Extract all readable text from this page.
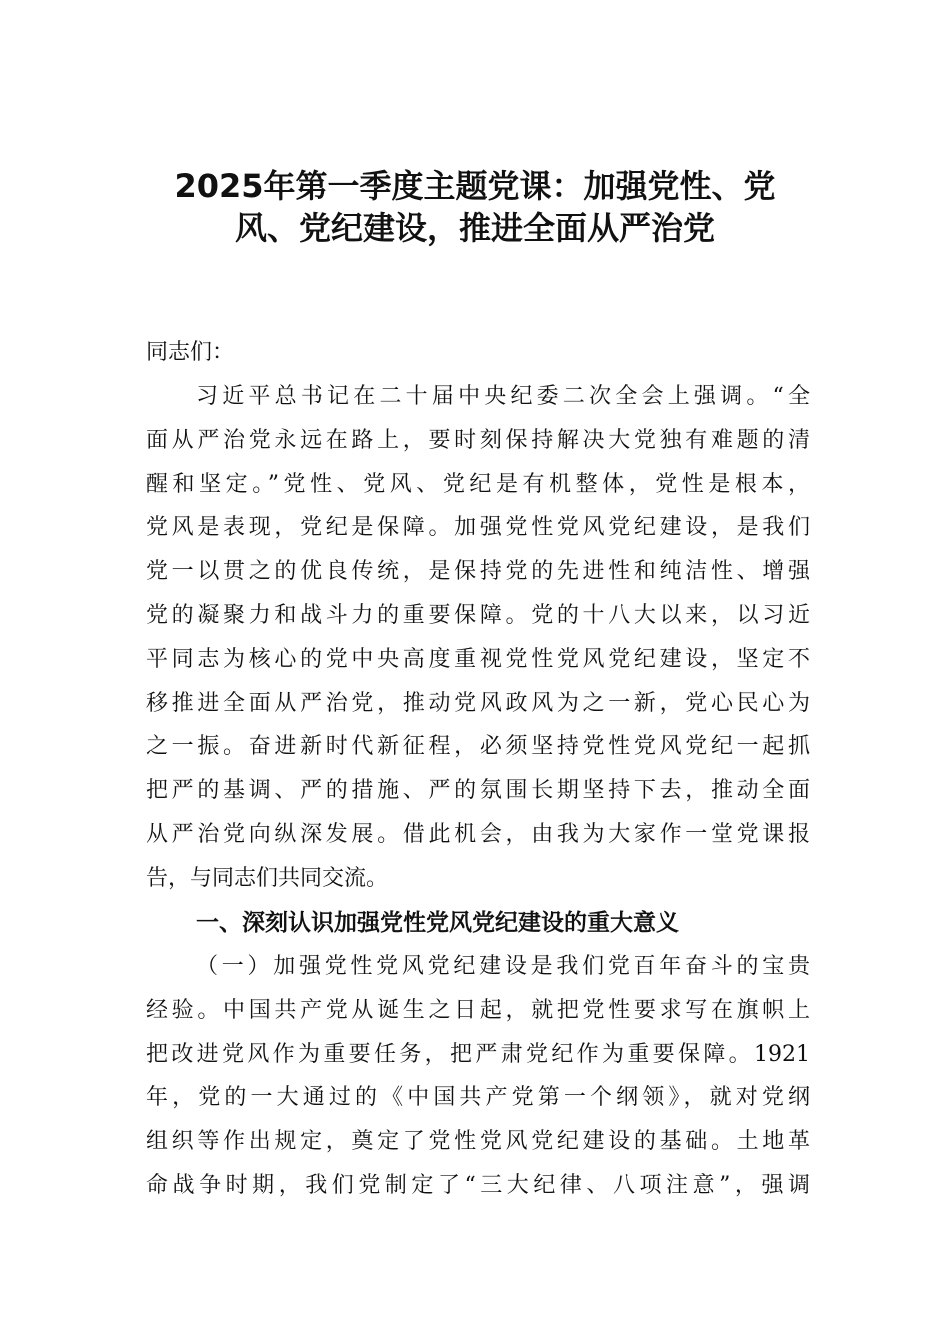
2025年第一季度主题党课：加强党性、党
风、党纪建设，推进全面从严治党

同志们：

习近平总书记在二十届中央纪委二次全会上强调。“全

面从严治党永远在路上，要时刻保持解决大党独有难题的清

醒和坚定。”党性、党风、党纪是有机整体，党性是根本，

党风是表现，党纪是保障。加强党性党风党纪建设，是我们

党一以贯之的优良传统，是保持党的先进性和纯洁性、增强

党的凝聚力和战斗力的重要保障。党的十八大以来，以习近

平同志为核心的党中央高度重视党性党风党纪建设，坚定不

移推进全面从严治党，推动党风政风为之一新，党心民心为

之一振。奋进新时代新征程，必须坚持党性党风党纪一起抓

把严的基调、严的措施、严的氛围长期坚持下去，推动全面

从严治党向纵深发展。借此机会，由我为大家作一堂党课报

告，与同志们共同交流。

一、深刻认识加强党性党风党纪建设的重大意义

（一）加强党性党风党纪建设是我们党百年奋斗的宝贵

经验。中国共产党从诞生之日起，就把党性要求写在旗帜上

把改进党风作为重要任务，把严肃党纪作为重要保障。1921

年，党的一大通过的《中国共产党第一个纲领》，就对党纲

组织等作出规定，奠定了党性党风党纪建设的基础。土地革

命战争时期，我们党制定了“三大纪律、八项注意”，强调
